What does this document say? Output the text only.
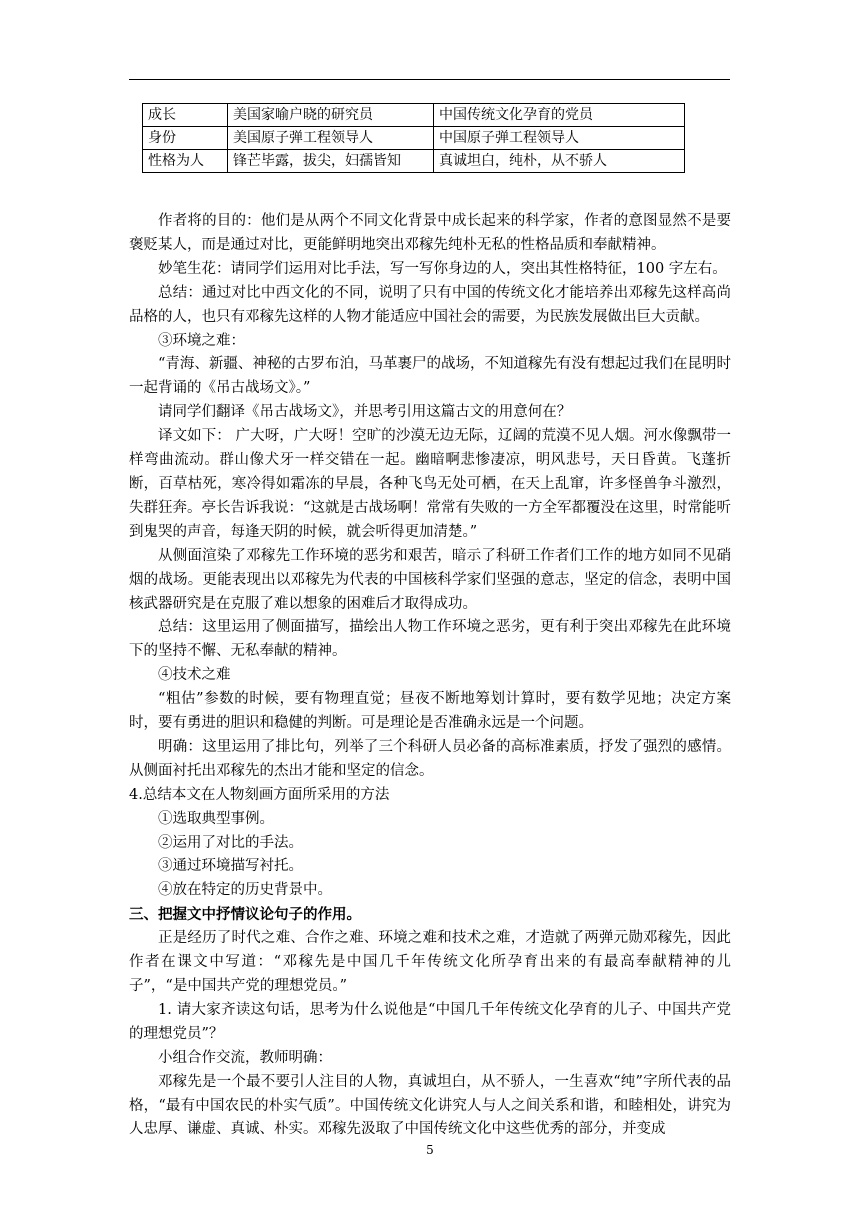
成长	美国家喻户晓的研究员	中国传统文化孕育的党员
身份	美国原子弹工程领导人	中国原子弹工程领导人
性格为人	锋芒毕露，拔尖，妇孺皆知	真诚坦白，纯朴，从不骄人

作者将的目的：他们是从两个不同文化背景中成长起来的科学家，作者的意图显然不是要褒贬某人，而是通过对比，更能鲜明地突出邓稼先纯朴无私的性格品质和奉献精神。

妙笔生花：请同学们运用对比手法，写一写你身边的人，突出其性格特征，100 字左右。

总结：通过对比中西文化的不同，说明了只有中国的传统文化才能培养出邓稼先这样高尚品格的人，也只有邓稼先这样的人物才能适应中国社会的需要，为民族发展做出巨大贡献。

③环境之难：

“青海、新疆、神秘的古罗布泊，马革裹尸的战场，不知道稼先有没有想起过我们在昆明时一起背诵的《吊古战场文》。”

请同学们翻译《吊古战场文》，并思考引用这篇古文的用意何在？

译文如下： 广大呀，广大呀！空旷的沙漠无边无际，辽阔的荒漠不见人烟。河水像飘带一样弯曲流动。群山像犬牙一样交错在一起。幽暗啊悲惨凄凉，明风悲号，天日昏黄。飞蓬折断，百草枯死，寒冷得如霜冻的早晨，各种飞鸟无处可栖，在天上乱窜，许多怪兽争斗激烈，失群狂奔。亭长告诉我说：“这就是古战场啊！常常有失败的一方全军都覆没在这里，时常能听到鬼哭的声音，每逢天阴的时候，就会听得更加清楚。”

从侧面渲染了邓稼先工作环境的恶劣和艰苦，暗示了科研工作者们工作的地方如同不见硝烟的战场。更能表现出以邓稼先为代表的中国核科学家们坚强的意志，坚定的信念，表明中国核武器研究是在克服了难以想象的困难后才取得成功。

总结：这里运用了侧面描写，描绘出人物工作环境之恶劣，更有利于突出邓稼先在此环境下的坚持不懈、无私奉献的精神。

④技术之难

“粗估”参数的时候，要有物理直觉；昼夜不断地筹划计算时，要有数学见地；决定方案时，要有勇进的胆识和稳健的判断。可是理论是否准确永远是一个问题。

明确：这里运用了排比句，列举了三个科研人员必备的高标准素质，抒发了强烈的感情。从侧面衬托出邓稼先的杰出才能和坚定的信念。

4.总结本文在人物刻画方面所采用的方法

①选取典型事例。

②运用了对比的手法。

③通过环境描写衬托。

④放在特定的历史背景中。

三、把握文中抒情议论句子的作用。

正是经历了时代之难、合作之难、环境之难和技术之难，才造就了两弹元勋邓稼先，因此作者在课文中写道：“邓稼先是中国几千年传统文化所孕育出来的有最高奉献精神的儿子”，“是中国共产党的理想党员。”

1. 请大家齐读这句话，思考为什么说他是“中国几千年传统文化孕育的儿子、中国共产党的理想党员”？

小组合作交流，教师明确：

邓稼先是一个最不要引人注目的人物，真诚坦白，从不骄人，一生喜欢“纯”字所代表的品格，“最有中国农民的朴实气质”。中国传统文化讲究人与人之间关系和谐，和睦相处，讲究为人忠厚、谦虚、真诚、朴实。邓稼先汲取了中国传统文化中这些优秀的部分，并变成

5
